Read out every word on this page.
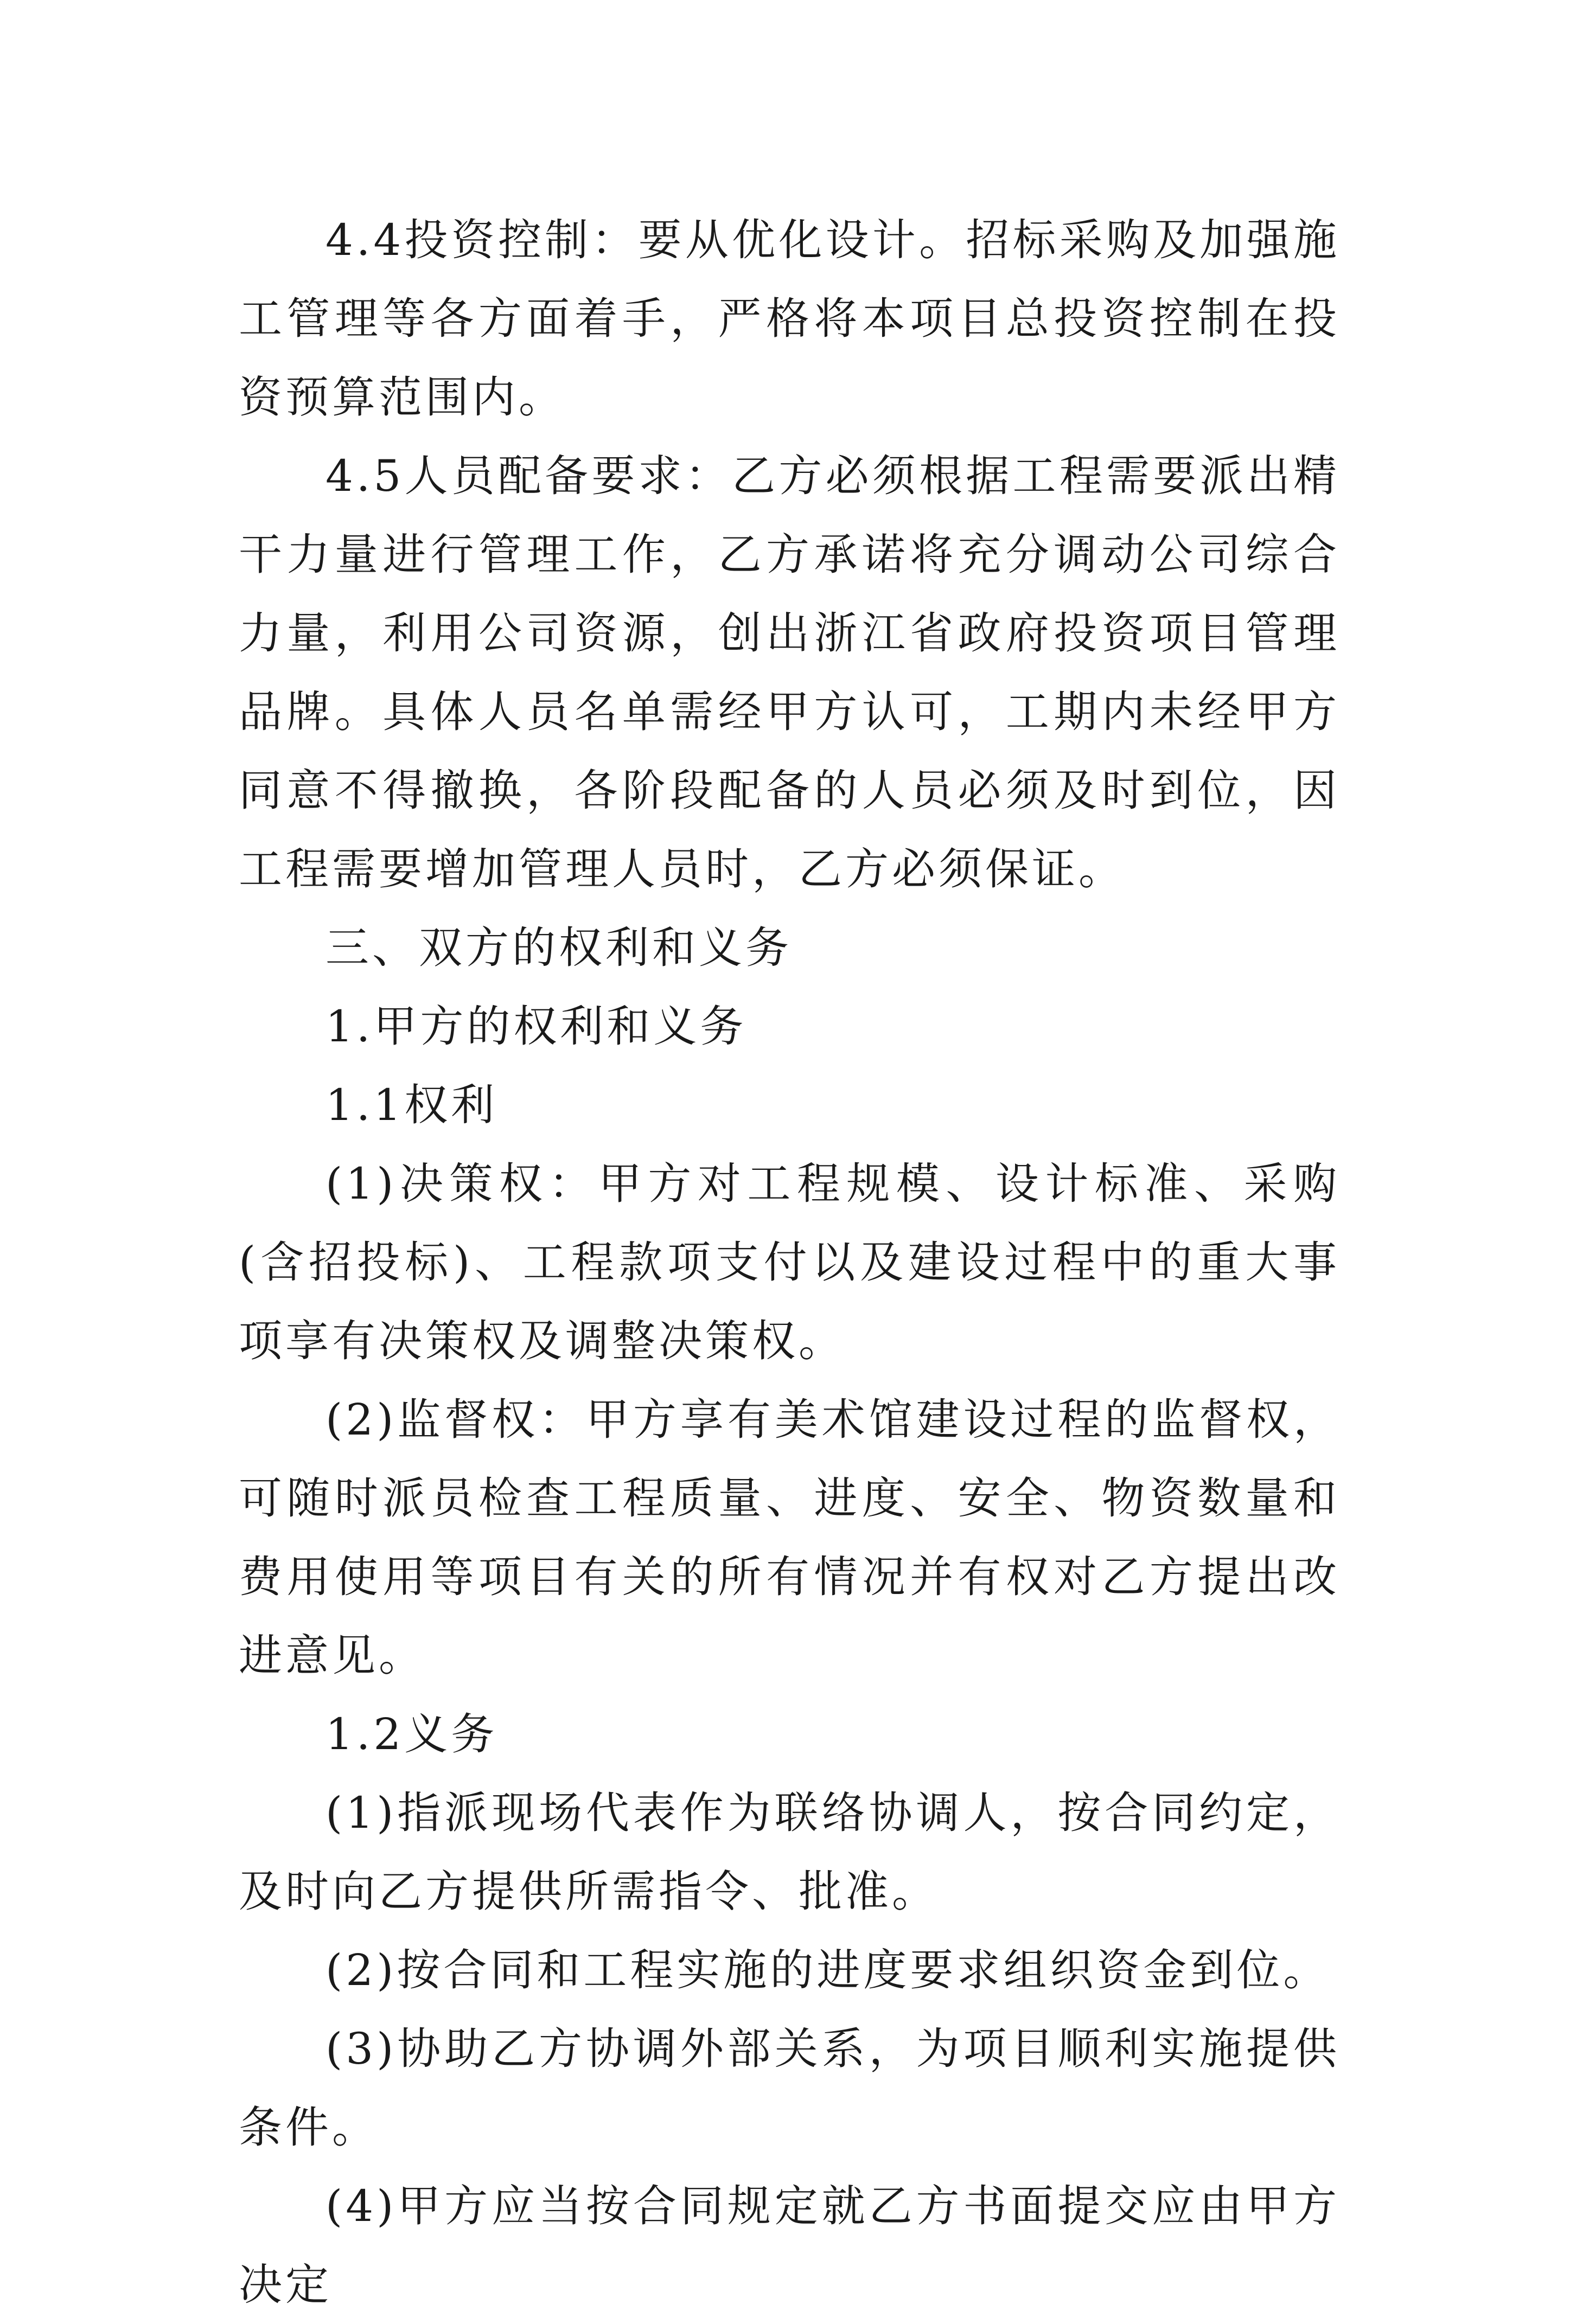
4.4投资控制：要从优化设计。招标采购及加强施工管理等各方面着手，严格将本项目总投资控制在投资预算范围内。

4.5人员配备要求：乙方必须根据工程需要派出精干力量进行管理工作，乙方承诺将充分调动公司综合力量，利用公司资源，创出浙江省政府投资项目管理品牌。具体人员名单需经甲方认可，工期内未经甲方同意不得撤换，各阶段配备的人员必须及时到位，因工程需要增加管理人员时，乙方必须保证。

三、双方的权利和义务

1.甲方的权利和义务

1.1权利

(1)决策权：甲方对工程规模、设计标准、采购(含招投标)、工程款项支付以及建设过程中的重大事项享有决策权及调整决策权。

(2)监督权：甲方享有美术馆建设过程的监督权，可随时派员检查工程质量、进度、安全、物资数量和费用使用等项目有关的所有情况并有权对乙方提出改进意见。

1.2义务

(1)指派现场代表作为联络协调人，按合同约定，及时向乙方提供所需指令、批准。

(2)按合同和工程实施的进度要求组织资金到位。

(3)协助乙方协调外部关系，为项目顺利实施提供条件。

(4)甲方应当按合同规定就乙方书面提交应由甲方决定
